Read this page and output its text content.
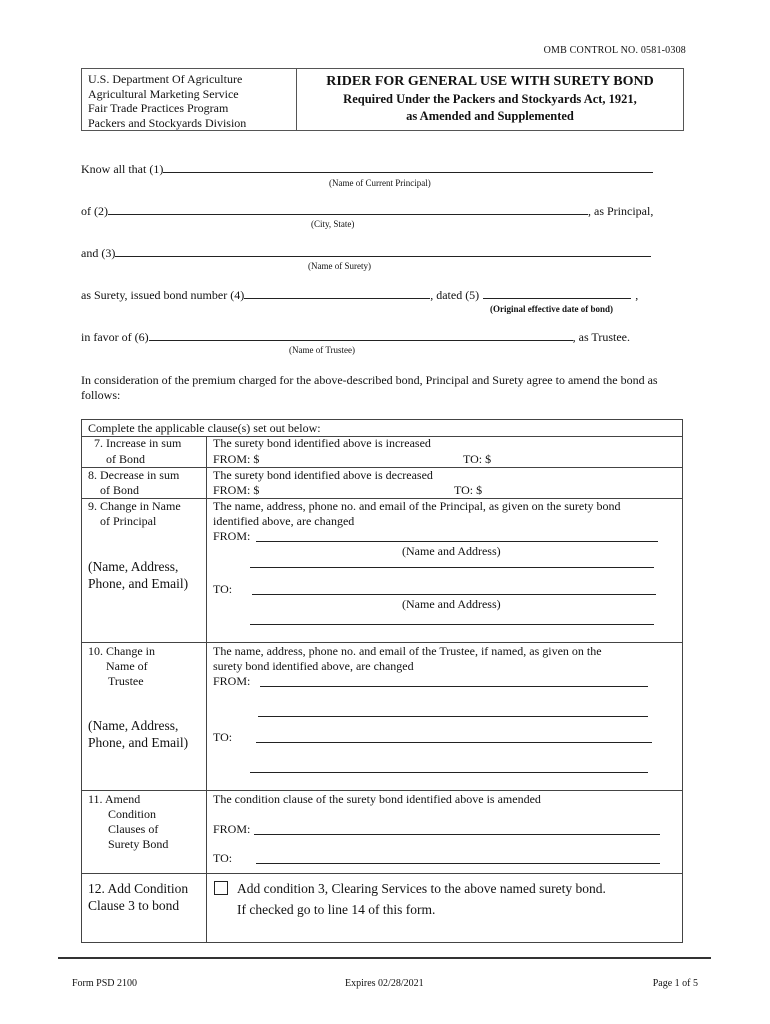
OMB CONTROL NO. 0581-0308
U.S. Department Of Agriculture
Agricultural Marketing Service
Fair Trade Practices Program
Packers and Stockyards Division
RIDER FOR GENERAL USE WITH SURETY BOND
Required Under the Packers and Stockyards Act, 1921,
as Amended and Supplemented
Know all that (1)
(Name of Current Principal)
of (2)	, as Principal,
(City, State)
and (3)
(Name of Surety)
as Surety, issued bond number (4)	, dated (5)	,
(Original effective date of bond)
in favor of (6)	, as Trustee.
(Name of Trustee)
In consideration of the premium charged for the above-described bond, Principal and Surety agree to amend the bond as follows:
Complete the applicable clause(s) set out below:
7. Increase in sum
of Bond
The surety bond identified above is increased
FROM: $	TO: $
8. Decrease in sum
of Bond
The surety bond identified above is decreased
FROM: $	TO: $
9. Change in Name
of Principal
(Name, Address,
Phone, and Email)
The name, address, phone no. and email of the Principal, as given on the surety bond
identified above, are changed
FROM:
(Name and Address)
TO:
(Name and Address)
10. Change in
Name of
Trustee
(Name, Address,
Phone, and Email)
The name, address, phone no. and email of the Trustee, if named, as given on the
surety bond identified above, are changed
FROM:
TO:
11. Amend
Condition
Clauses of
Surety Bond
The condition clause of the surety bond identified above is amended
FROM:
TO:
12. Add Condition
Clause 3 to bond
Add condition 3, Clearing Services to the above named surety bond.
If checked go to line 14 of this form.
Form PSD 2100	Expires 02/28/2021	Page 1 of 5
